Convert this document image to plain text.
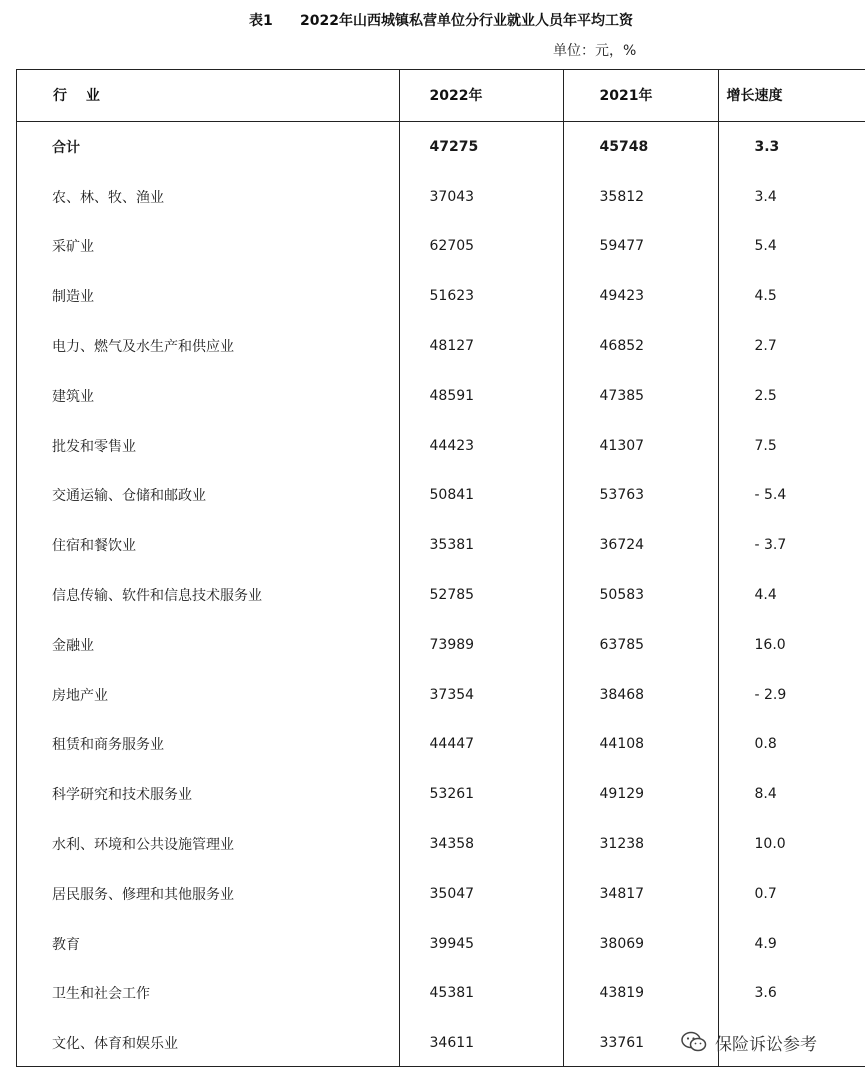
表1 2022年山西城镇私营单位分行业就业人员年平均工资
单位：元，%
行　 业	2022年	2021年	增长速度
合计	47275	45748	3.3
农、林、牧、渔业	37043	35812	3.4
采矿业	62705	59477	5.4
制造业	51623	49423	4.5
电力、燃气及水生产和供应业	48127	46852	2.7
建筑业	48591	47385	2.5
批发和零售业	44423	41307	7.5
交通运输、仓储和邮政业	50841	53763	- 5.4
住宿和餐饮业	35381	36724	- 3.7
信息传输、软件和信息技术服务业	52785	50583	4.4
金融业	73989	63785	16.0
房地产业	37354	38468	- 2.9
租赁和商务服务业	44447	44108	0.8
科学研究和技术服务业	53261	49129	8.4
水利、环境和公共设施管理业	34358	31238	10.0
居民服务、修理和其他服务业	35047	34817	0.7
教育	39945	38069	4.9
卫生和社会工作	45381	43819	3.6
文化、体育和娱乐业	34611	33761		保险诉讼参考
